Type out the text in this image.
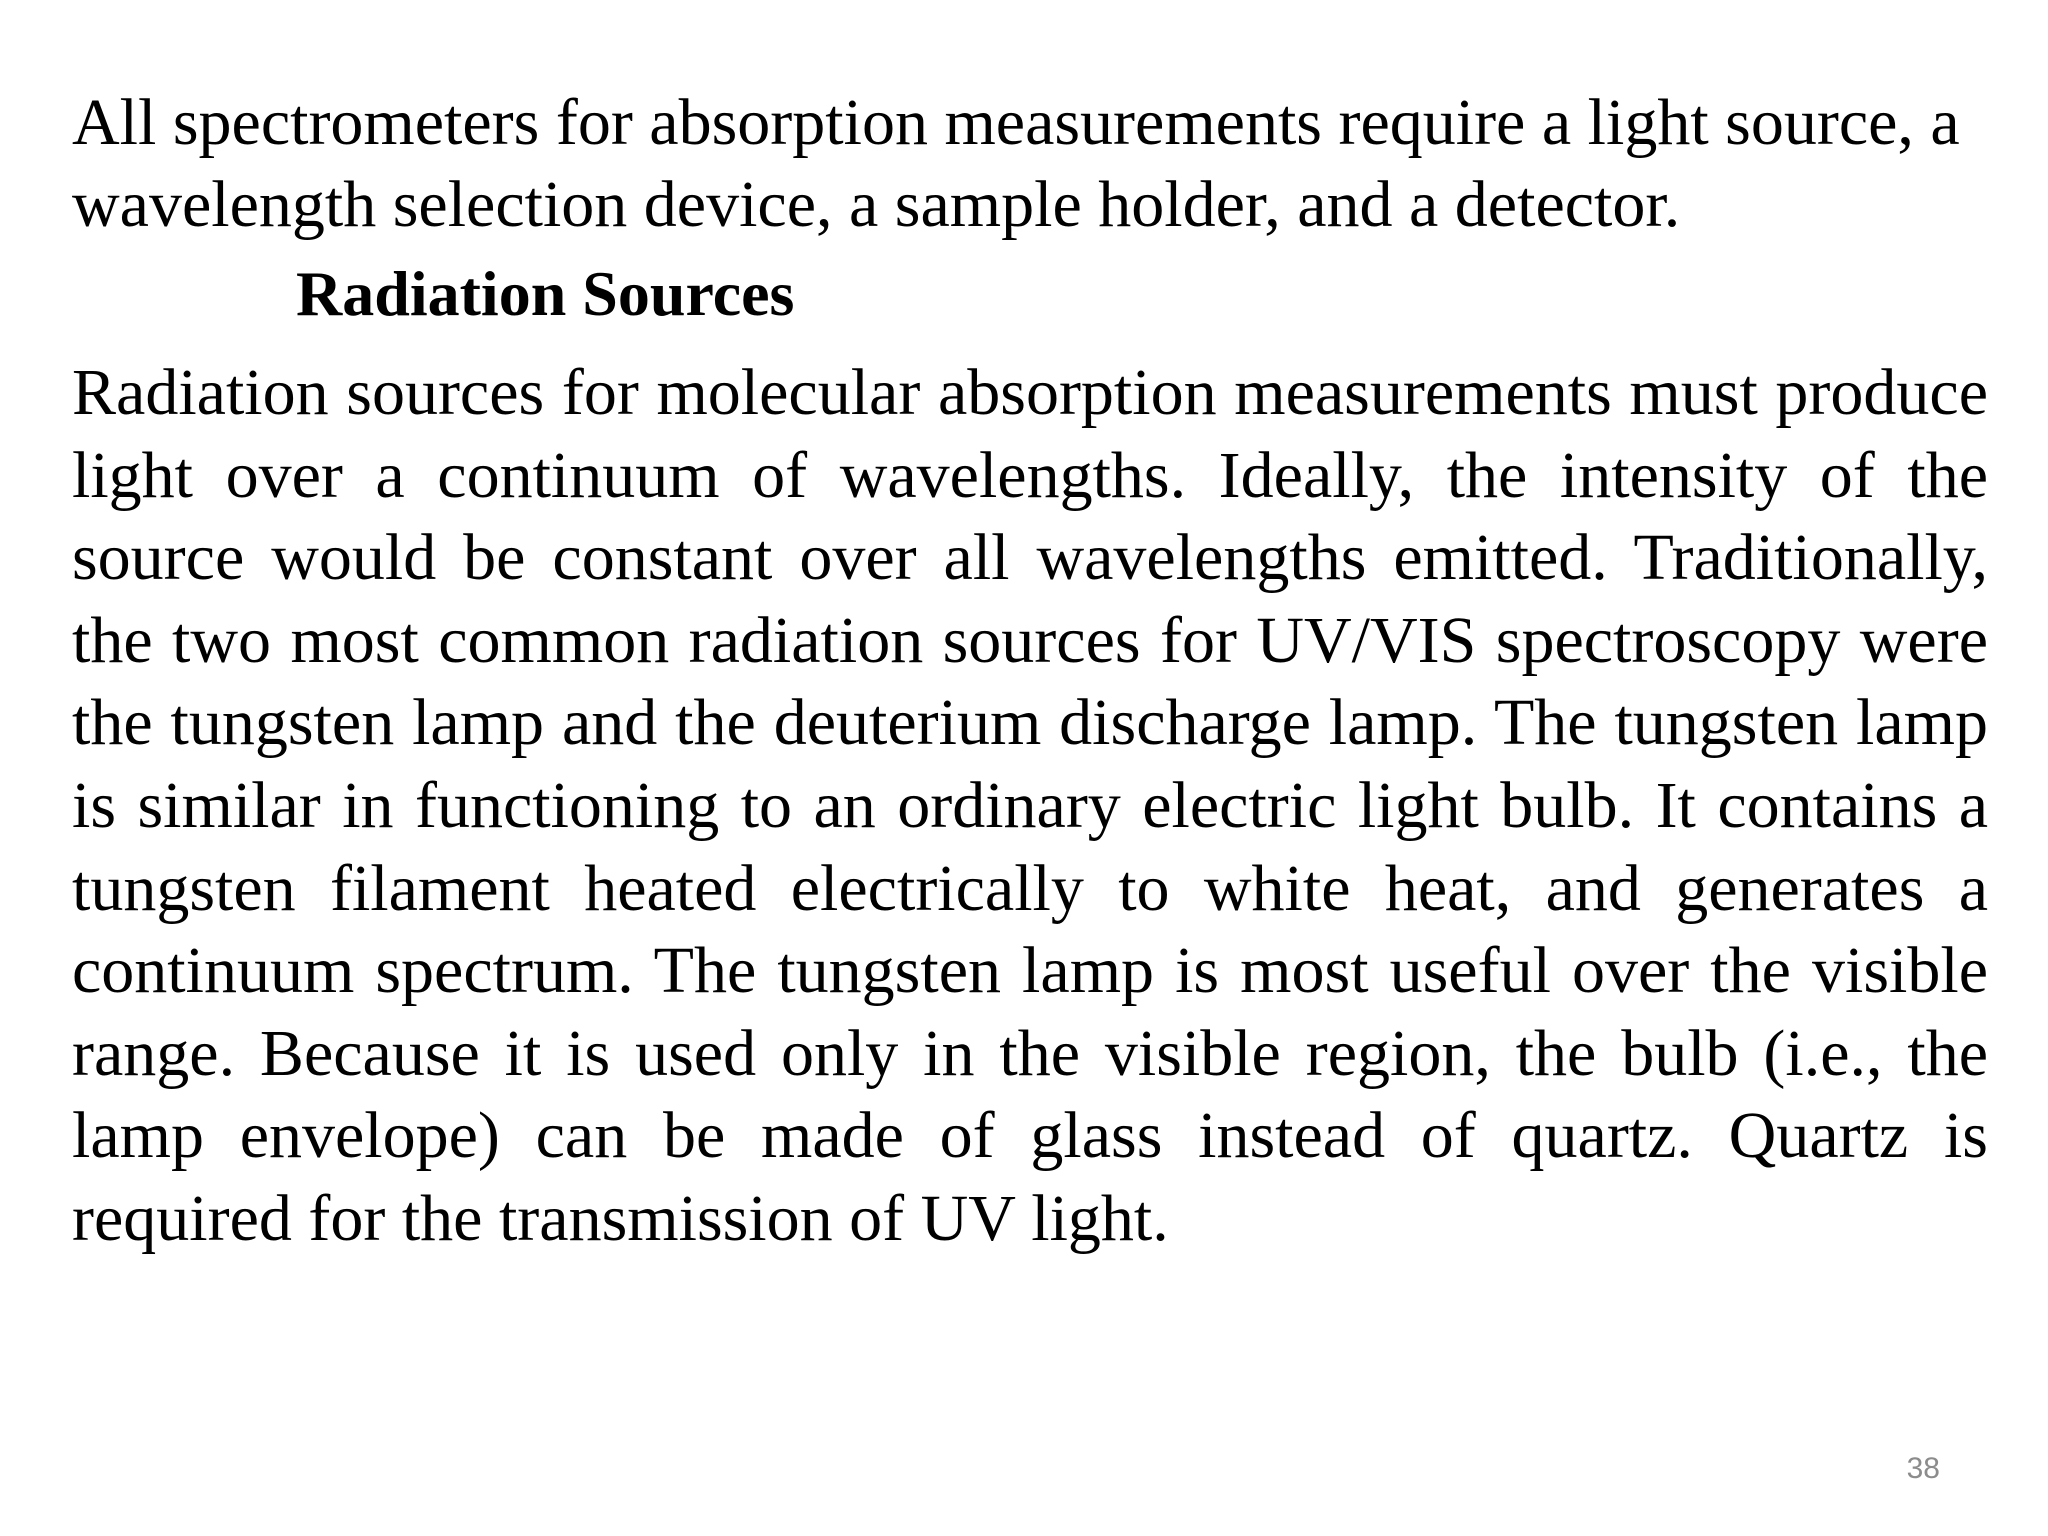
All spectrometers for absorption measurements require a light source, a wavelength selection device, a sample holder, and a detector.

Radiation Sources

Radiation sources for molecular absorption measurements must produce light over a continuum of wavelengths. Ideally, the intensity of the source would be constant over all wavelengths emitted. Traditionally, the two most common radiation sources for UV/VIS spectroscopy were the tungsten lamp and the deuterium discharge lamp. The tungsten lamp is similar in functioning to an ordinary electric light bulb. It contains a tungsten filament heated electrically to white heat, and generates a continuum spectrum. The tungsten lamp is most useful over the visible range. Because it is used only in the visible region, the bulb (i.e., the lamp envelope) can be made of glass instead of quartz. Quartz is required for the transmission of UV light.

38
